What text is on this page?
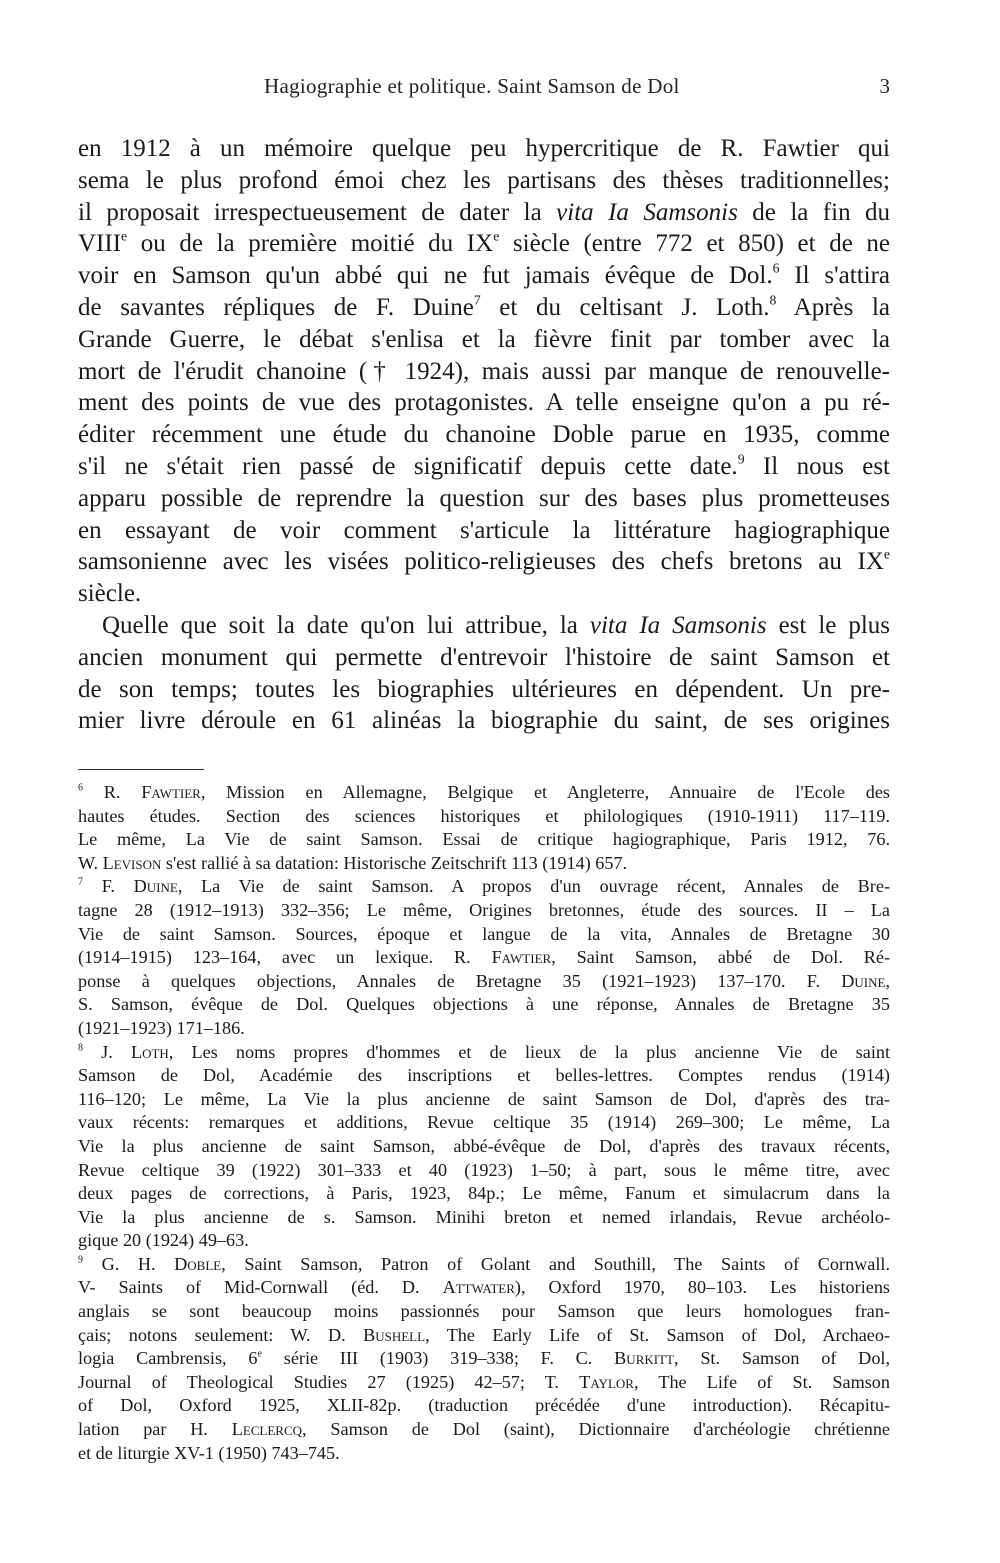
Hagiographie et politique. Saint Samson de Dol	3
en 1912 à un mémoire quelque peu hypercritique de R. Fawtier qui
sema le plus profond émoi chez les partisans des thèses traditionnelles;
il proposait irrespectueusement de dater la vita Ia Samsonis de la fin du
VIIIe ou de la première moitié du IXe siècle (entre 772 et 850) et de ne
voir en Samson qu'un abbé qui ne fut jamais évêque de Dol.$^6$ Il s'attira
de savantes répliques de F. Duine$^7$ et du celtisant J. Loth.$^8$ Après la
Grande Guerre, le débat s'enlisa et la fièvre finit par tomber avec la
mort de l'érudit chanoine († 1924), mais aussi par manque de renouvelle-
ment des points de vue des protagonistes. A telle enseigne qu'on a pu ré-
éditer récemment une étude du chanoine Doble parue en 1935, comme
s'il ne s'était rien passé de significatif depuis cette date.$^9$ Il nous est
apparu possible de reprendre la question sur des bases plus prometteuses
en essayant de voir comment s'articule la littérature hagiographique
samsonienne avec les visées politico-religieuses des chefs bretons au IXe
siècle.
Quelle que soit la date qu'on lui attribue, la vita Ia Samsonis est le plus
ancien monument qui permette d'entrevoir l'histoire de saint Samson et
de son temps; toutes les biographies ultérieures en dépendent. Un pre-
mier livre déroule en 61 alinéas la biographie du saint, de ses origines
$^6$ R. Fawtier, Mission en Allemagne, Belgique et Angleterre, Annuaire de l'Ecole des
hautes études. Section des sciences historiques et philologiques (1910-1911) 117–119.
Le même, La Vie de saint Samson. Essai de critique hagiographique, Paris 1912, 76.
W. Levison s'est rallié à sa datation: Historische Zeitschrift 113 (1914) 657.
$^7$ F. Duine, La Vie de saint Samson. A propos d'un ouvrage récent, Annales de Bre-
tagne 28 (1912–1913) 332–356; Le même, Origines bretonnes, étude des sources. II – La
Vie de saint Samson. Sources, époque et langue de la vita, Annales de Bretagne 30
(1914–1915) 123–164, avec un lexique. R. Fawtier, Saint Samson, abbé de Dol. Ré-
ponse à quelques objections, Annales de Bretagne 35 (1921–1923) 137–170. F. Duine,
S. Samson, évêque de Dol. Quelques objections à une réponse, Annales de Bretagne 35
(1921–1923) 171–186.
$^8$ J. Loth, Les noms propres d'hommes et de lieux de la plus ancienne Vie de saint
Samson de Dol, Académie des inscriptions et belles-lettres. Comptes rendus (1914)
116–120; Le même, La Vie la plus ancienne de saint Samson de Dol, d'après des tra-
vaux récents: remarques et additions, Revue celtique 35 (1914) 269–300; Le même, La
Vie la plus ancienne de saint Samson, abbé-évêque de Dol, d'après des travaux récents,
Revue celtique 39 (1922) 301–333 et 40 (1923) 1–50; à part, sous le même titre, avec
deux pages de corrections, à Paris, 1923, 84p.; Le même, Fanum et simulacrum dans la
Vie la plus ancienne de s. Samson. Minihi breton et nemed irlandais, Revue archéolo-
gique 20 (1924) 49–63.
$^9$ G. H. Doble, Saint Samson, Patron of Golant and Southill, The Saints of Cornwall.
V- Saints of Mid-Cornwall (éd. D. Attwater), Oxford 1970, 80–103. Les historiens
anglais se sont beaucoup moins passionnés pour Samson que leurs homologues fran-
çais; notons seulement: W. D. Bushell, The Early Life of St. Samson of Dol, Archaeo-
logia Cambrensis, 6e série III (1903) 319–338; F. C. Burkitt, St. Samson of Dol,
Journal of Theological Studies 27 (1925) 42–57; T. Taylor, The Life of St. Samson
of Dol, Oxford 1925, XLII-82p. (traduction précédée d'une introduction). Récapitu-
lation par H. Leclercq, Samson de Dol (saint), Dictionnaire d'archéologie chrétienne
et de liturgie XV-1 (1950) 743–745.
